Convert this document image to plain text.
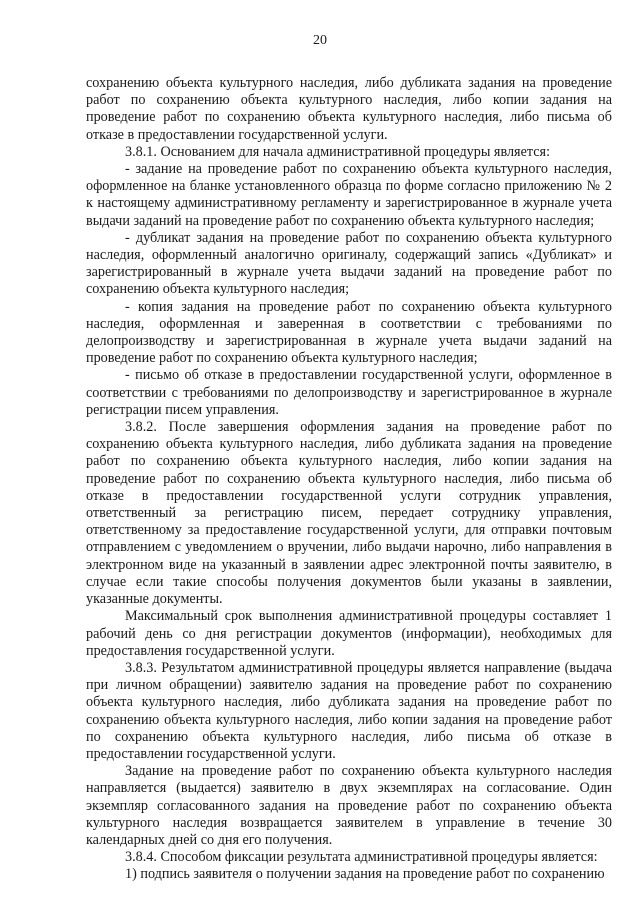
20

сохранению объекта культурного наследия, либо дубликата задания на проведение работ по сохранению объекта культурного наследия, либо копии задания на проведение работ по сохранению объекта культурного наследия, либо письма об отказе в предоставлении государственной услуги.

3.8.1. Основанием для начала административной процедуры является:

- задание на проведение работ по сохранению объекта культурного наследия, оформленное на бланке установленного образца по форме согласно приложению № 2 к настоящему административному регламенту и зарегистрированное в журнале учета выдачи заданий на проведение работ по сохранению объекта культурного наследия;

- дубликат задания на проведение работ по сохранению объекта культурного наследия, оформленный аналогично оригиналу, содержащий запись «Дубликат» и зарегистрированный в журнале учета выдачи заданий на проведение работ по сохранению объекта культурного наследия;

- копия задания на проведение работ по сохранению объекта культурного наследия, оформленная и заверенная в соответствии с требованиями по делопроизводству и зарегистрированная в журнале учета выдачи заданий на проведение работ по сохранению объекта культурного наследия;

- письмо об отказе в предоставлении государственной услуги, оформленное в соответствии с требованиями по делопроизводству и зарегистрированное в журнале регистрации писем управления.

3.8.2. После завершения оформления задания на проведение работ по сохранению объекта культурного наследия, либо дубликата задания на проведение работ по сохранению объекта культурного наследия, либо копии задания на проведение работ по сохранению объекта культурного наследия, либо письма об отказе в предоставлении государственной услуги сотрудник управления, ответственный за регистрацию писем, передает сотруднику управления, ответственному за предоставление государственной услуги, для отправки почтовым отправлением с уведомлением о вручении, либо выдачи нарочно, либо направления в электронном виде на указанный в заявлении адрес электронной почты заявителю, в случае если такие способы получения документов были указаны в заявлении, указанные документы.

Максимальный срок выполнения административной процедуры составляет 1 рабочий день со дня регистрации документов (информации), необходимых для предоставления государственной услуги.

3.8.3. Результатом административной процедуры является направление (выдача при личном обращении) заявителю задания на проведение работ по сохранению объекта культурного наследия, либо дубликата задания на проведение работ по сохранению объекта культурного наследия, либо копии задания на проведение работ по сохранению объекта культурного наследия, либо письма об отказе в предоставлении государственной услуги.

Задание на проведение работ по сохранению объекта культурного наследия направляется (выдается) заявителю в двух экземплярах на согласование. Один экземпляр согласованного задания на проведение работ по сохранению объекта культурного наследия возвращается заявителем в управление в течение 30 календарных дней со дня его получения.

3.8.4. Способом фиксации результата административной процедуры является:

1) подпись заявителя о получении задания на проведение работ по сохранению
